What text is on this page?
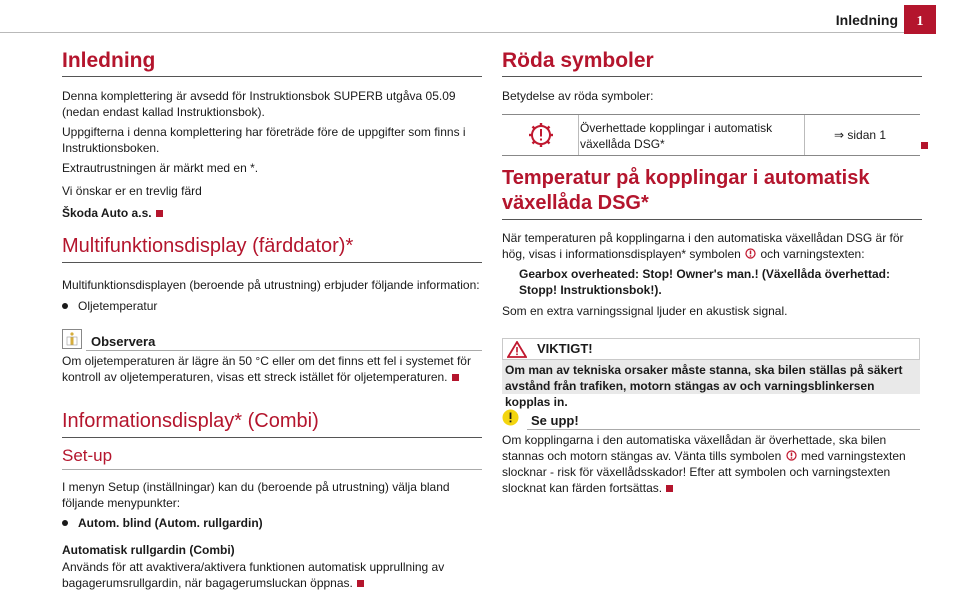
Inledning	1
Inledning

Denna komplettering är avsedd för Instruktionsbok SUPERB utgåva 05.09 (nedan endast kallad Instruktionsbok).

Uppgifterna i denna komplettering har företräde före de uppgifter som finns i Instruktionsboken.

Extrautrustningen är märkt med en *.

Vi önskar er en trevlig färd

Škoda Auto a.s.

Multifunktionsdisplay (färddator)*

Multifunktionsdisplayen (beroende på utrustning) erbjuder följande information:

Oljetemperatur
Observera

Om oljetemperaturen är lägre än 50 °C eller om det finns ett fel i systemet för kontroll av oljetemperaturen, visas ett streck istället för oljetemperaturen.

Informationsdisplay* (Combi)
Set-up

I menyn Setup (inställningar) kan du (beroende på utrustning) välja bland följande menypunkter:

Autom. blind (Autom. rullgardin)
Automatisk rullgardin (Combi)

Används för att avaktivera/aktivera funktionen automatisk upprullning av bagagerumsrullgardin, när bagagerumsluckan öppnas.

Röda symboler

Betydelse av röda symboler:

Överhettade kopplingar i automatisk växellåda DSG*
⇒ sidan 1
Temperatur på kopplingar i automatisk växellåda DSG*

När temperaturen på kopplingarna i den automatiska växellådan DSG är för hög, visas i informationsdisplayen* symbolen och varningstexten:

Gearbox overheated: Stop! Owner's man.! (Växellåda överhettad: Stopp! Instruktionsbok!).

Som en extra varningssignal ljuder en akustisk signal.

VIKTIGT!

Om man av tekniska orsaker måste stanna, ska bilen ställas på säkert avstånd från trafiken, motorn stängas av och varningsblinkersen kopplas in.

Se upp!

Om kopplingarna i den automatiska växellådan är överhettade, ska bilen stannas och motorn stängas av. Vänta tills symbolen med varningstexten slocknar - risk för växellådsskador! Efter att symbolen och varningstexten slocknat kan färden fortsättas.
